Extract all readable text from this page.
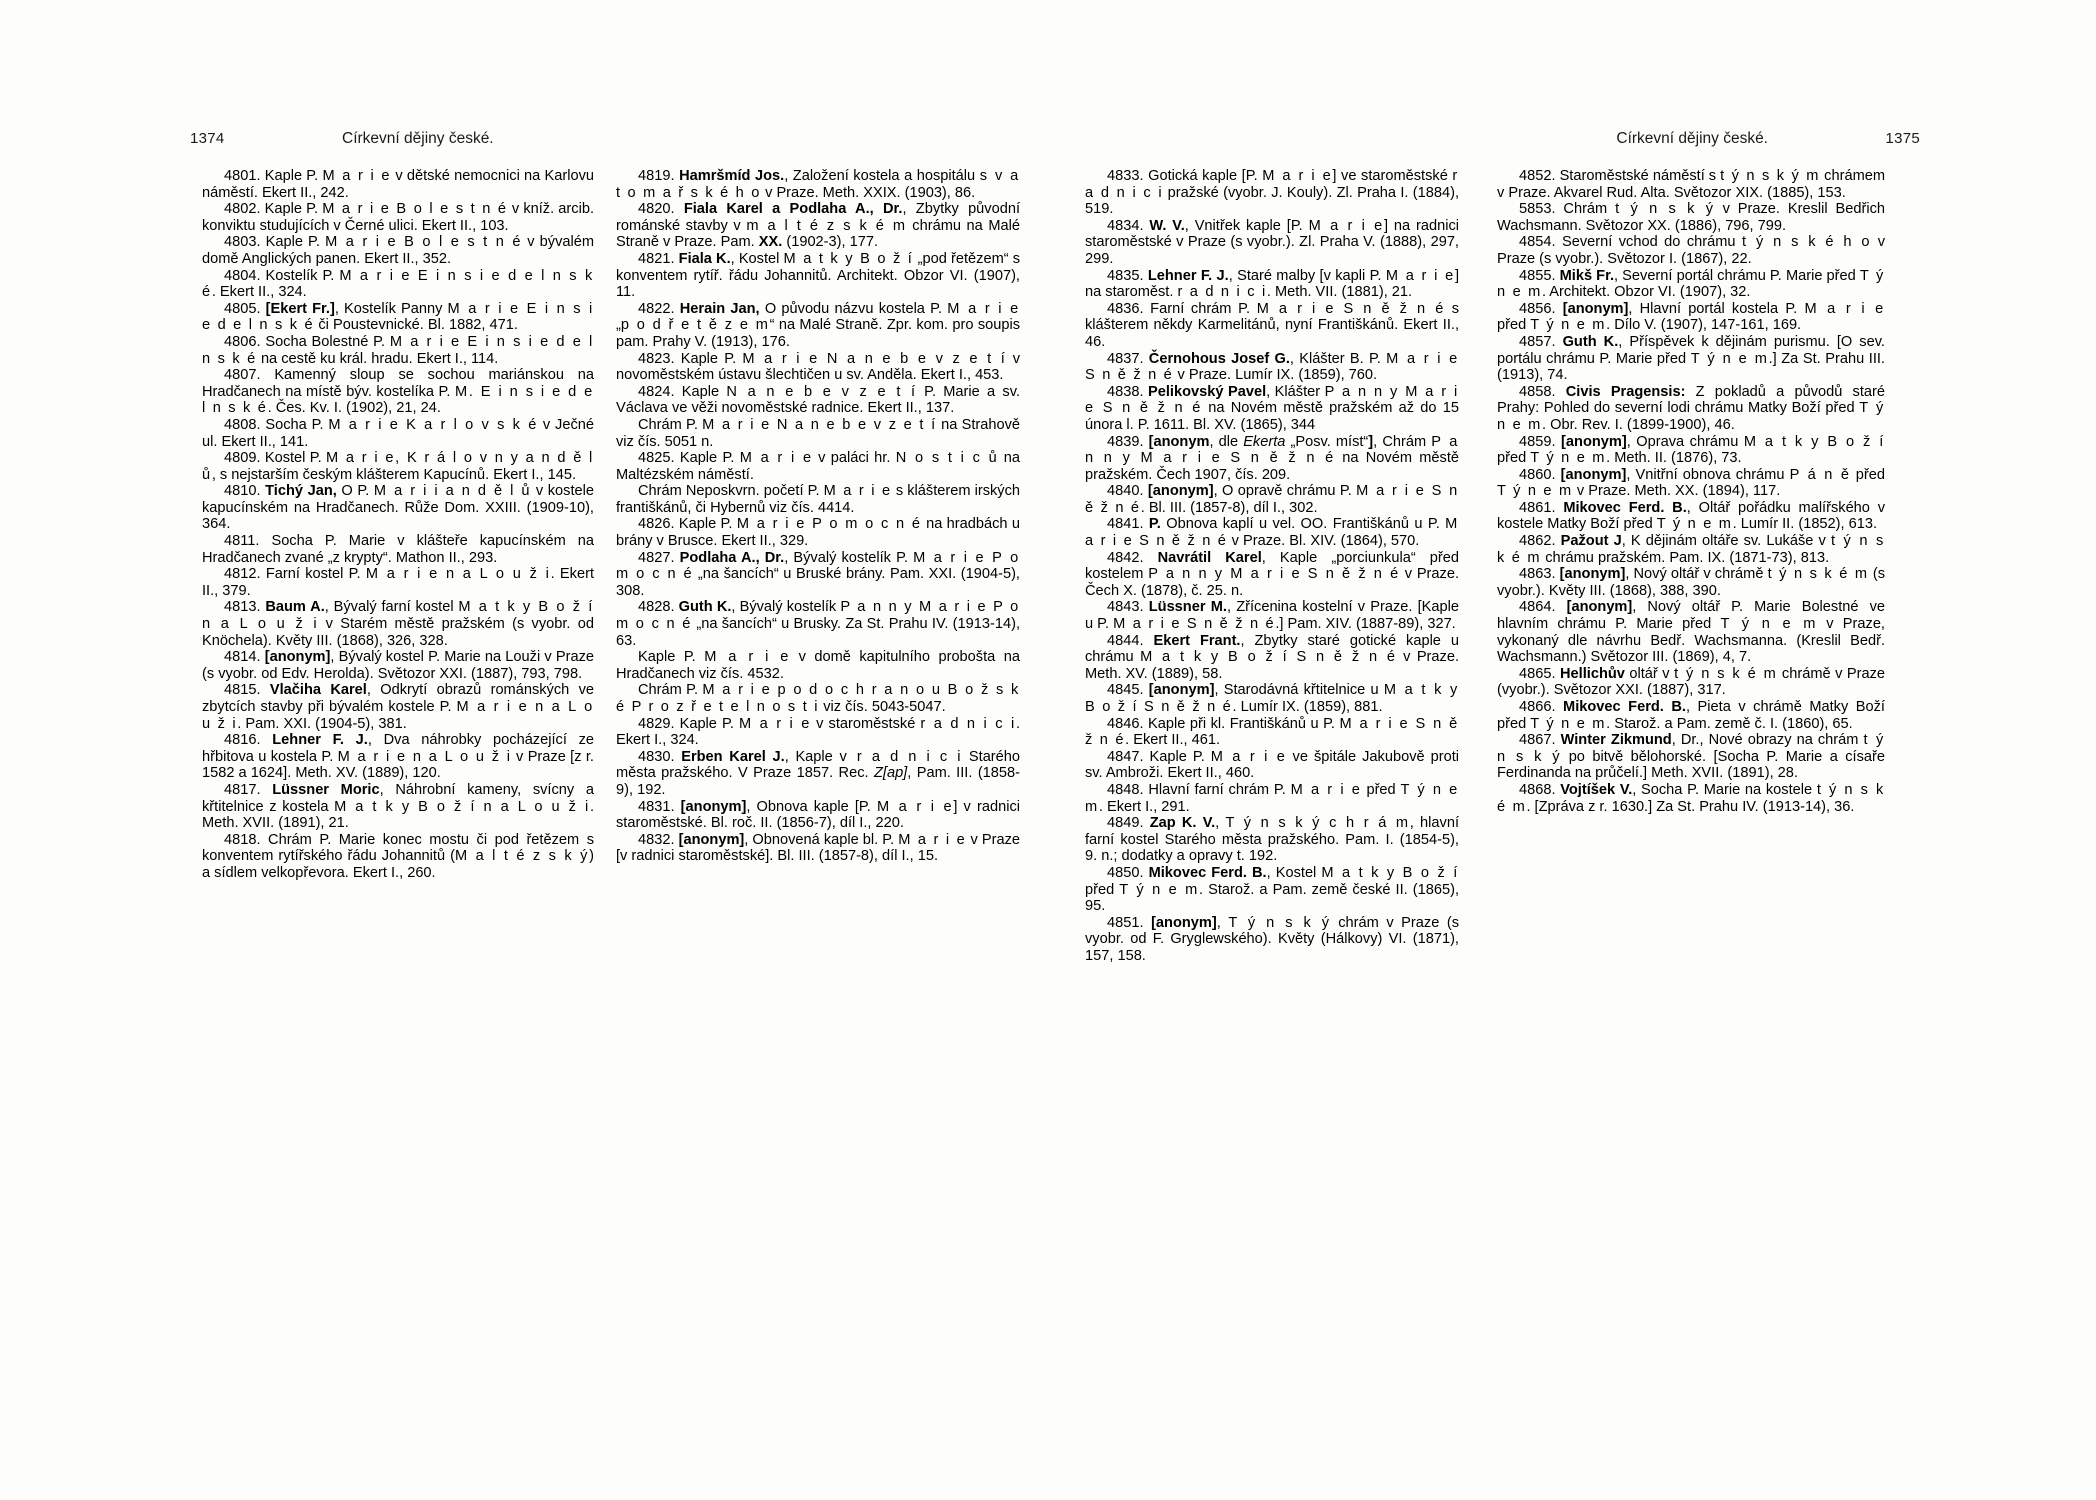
1374	Církevní dějiny české.

4801. Kaple P. M a r i e v dětské nemocnici na Karlovu náměstí. Ekert II., 242.

4802. Kaple P. M a r i e B o l e s t n é v kníž. arcib. konviktu studujících v Černé ulici. Ekert II., 103.

4803. Kaple P. M a r i e B o l e s t n é v bývalém domě Anglických panen. Ekert II., 352.

4804. Kostelík P. M a r i e E i n s i e d e l n s k é. Ekert II., 324.

4805. [Ekert Fr.], Kostelík Panny M a r i e E i n s i e d e l n s k é či Poustevnické. Bl. 1882, 471.

4806. Socha Bolestné P. M a r i e E i n s i e d e l n s k é na cestě ku král. hradu. Ekert I., 114.

4807. Kamenný sloup se sochou mariánskou na Hradčanech na místě býv. kostelíka P. M. E i n s i e d e l n s k é. Čes. Kv. I. (1902), 21, 24.

4808. Socha P. M a r i e K a r l o v s k é v Ječné ul. Ekert II., 141.

4809. Kostel P. M a r i e, K r á l o v n y a n d ě l ů, s nejstarším českým klášterem Kapucínů. Ekert I., 145.

4810. Tichý Jan, O P. M a r i i a n d ě l ů v kostele kapucínském na Hradčanech. Růže Dom. XXIII. (1909-10), 364.

4811. Socha P. Marie v klášteře kapucínském na Hradčanech zvané „z krypty“. Mathon II., 293.

4812. Farní kostel P. M a r i e n a L o u ž i. Ekert II., 379.

4813. Baum A., Bývalý farní kostel M a t k y B o ž í n a L o u ž i v Starém městě pražském (s vyobr. od Knöchela). Květy III. (1868), 326, 328.

4814. [anonym], Bývalý kostel P. Marie na Louži v Praze (s vyobr. od Edv. Heroldа). Světozor XXI. (1887), 793, 798.

4815. Vlačiha Karel, Odkrytí obrazů románských ve zbytcích stavby při bývalém kostele P. M a r i e n a L o u ž i. Pam. XXI. (1904-5), 381.

4816. Lehner F. J., Dva náhrobky pocházející ze hřbitova u kostela P. M a r i e n a L o u ž i v Praze [z r. 1582 a 1624]. Meth. XV. (1889), 120.

4817. Lüssner Moric, Náhrobní kameny, svícny a křtitelnice z kostela M a t k y B o ž í n a L o u ž i. Meth. XVII. (1891), 21.

4818. Chrám P. Marie konec mostu či pod řetězem s konventem rytířského řádu Johannitů (M a l t é z s k ý) a sídlem velkopřevora. Ekert I., 260.

4819. Hamršmíd Jos., Založení kostela a hospitálu s v a t o m a ř s k é h o v Praze. Meth. XXIX. (1903), 86.

4820. Fiala Karel a Podlaha A., Dr., Zbytky původní románské stavby v m a l t é z s k é m chrámu na Malé Straně v Praze. Pam. XX. (1902-3), 177.

4821. Fiala K., Kostel M a t k y B o ž í „pod řetězem“ s konventem rytíř. řádu Johannitů. Architekt. Obzor VI. (1907), 11.

4822. Herain Jan, O původu názvu kostela P. M a r i e „p o d ř e t ě z e m“ na Malé Straně. Zpr. kom. pro soupis pam. Prahy V. (1913), 176.

4823. Kaple P. M a r i e N a n e b e v z e t í v novoměstském ústavu šlechtičen u sv. Anděla. Ekert I., 453.

4824. Kaple N a n e b e v z e t í P. Marie a sv. Václava ve věži novoměstské radnice. Ekert II., 137.

Chrám P. M a r i e N a n e b e v z e t í na Strahově viz čís. 5051 n.

4825. Kaple P. M a r i e v paláci hr. N o s t i c ů na Maltézském náměstí.

Chrám Neposkvrn. početí P. M a r i e s klášterem irských františkánů, či Hybernů viz čís. 4414.

4826. Kaple P. M a r i e P o m o c n é na hradbách u brány v Brusce. Ekert II., 329.

4827. Podlaha A., Dr., Bývalý kostelík P. M a r i e P o m o c n é „na šancích“ u Bruské brány. Pam. XXI. (1904-5), 308.

4828. Guth K., Bývalý kostelík P a n n y M a r i e P o m o c n é „na šancích“ u Brusky. Za St. Prahu IV. (1913-14), 63.

Kaple P. M a r i e v domě kapitulního probošta na Hradčanech viz čís. 4532.

Chrám P. M a r i e p o d o c h r a n o u B o ž s k é P r o z ř e t e l n o s t i viz čís. 5043-5047.

4829. Kaple P. M a r i e v staroměstské r a d n i c i. Ekert I., 324.

4830. Erben Karel J., Kaple v r a d n i c i Starého města pražského. V Praze 1857. Rec. Z[ap], Pam. III. (1858-9), 192.

4831. [anonym], Obnova kaple [P. M a r i e] v radnici staroměstské. Bl. roč. II. (1856-7), díl I., 220.

4832. [anonym], Obnovená kaple bl. P. M a r i e v Praze [v radnici staroměstské]. Bl. III. (1857-8), díl I., 15.

1375
Církevní dějiny české.

4833. Gotická kaple [P. M a r i e] ve staroměstské r a d n i c i pražské (vyobr. J. Kouly). Zl. Praha I. (1884), 519.

4834. W. V., Vnitřek kaple [P. M a r i e] na radnici staroměstské v Praze (s vyobr.). Zl. Praha V. (1888), 297, 299.

4835. Lehner F. J., Staré malby [v kapli P. M a r i e] na staroměst. r a d n i c i. Meth. VII. (1881), 21.

4836. Farní chrám P. M a r i e S n ě ž n é s klášterem někdy Karmelitánů, nyní Františkánů. Ekert II., 46.

4837. Černohous Josef G., Klášter B. P. M a r i e S n ě ž n é v Praze. Lumír IX. (1859), 760.

4838. Pelikovský Pavel, Klášter P a n n y M a r i e S n ě ž n é na Novém městě pražském až do 15 února l. P. 1611. Bl. XV. (1865), 344

4839. [anonym, dle Ekerta „Posv. míst“], Chrám P a n n y M a r i e S n ě ž n é na Novém městě pražském. Čech 1907, čís. 209.

4840. [anonym], O opravě chrámu P. M a r i e S n ě ž n é. Bl. III. (1857-8), díl I., 302.

4841. P. Obnova kaplí u vel. OO. Františkánů u P. M a r i e S n ě ž n é v Praze. Bl. XIV. (1864), 570.

4842. Navrátil Karel, Kaple „porciunkula“ před kostelem P a n n y M a r i e S n ě ž n é v Praze. Čech X. (1878), č. 25. n.

4843. Lüssner M., Zřícenina kostelní v Praze. [Kaple u P. M a r i e S n ě ž n é.] Pam. XIV. (1887-89), 327.

4844. Ekert Frant., Zbytky staré gotické kaple u chrámu M a t k y B o ž í S n ě ž n é v Praze. Meth. XV. (1889), 58.

4845. [anonym], Starodávná křtitelnice u M a t k y B o ž í S n ě ž n é. Lumír IX. (1859), 881.

4846. Kaple při kl. Františkánů u P. M a r i e S n ě ž n é. Ekert II., 461.

4847. Kaple P. M a r i e ve špitále Jakubově proti sv. Ambroži. Ekert II., 460.

4848. Hlavní farní chrám P. M a r i e před T ý n e m. Ekert I., 291.

4849. Zap K. V., T ý n s k ý c h r á m, hlavní farní kostel Starého města pražského. Pam. I. (1854-5), 9. n.; dodatky a opravy t. 192.

4850. Mikovec Ferd. B., Kostel M a t k y B o ž í před T ý n e m. Starož. a Pam. země české II. (1865), 95.

4851. [anonym], T ý n s k ý chrám v Praze (s vyobr. od F. Gryglewského). Květy (Hálkovy) VI. (1871), 157, 158.

4852. Staroměstské náměstí s t ý n s k ý m chrámem v Praze. Akvarel Rud. Alta. Světozor XIX. (1885), 153.

5853. Chrám t ý n s k ý v Praze. Kreslil Bedřich Wachsmann. Světozor XX. (1886), 796, 799.

4854. Severní vchod do chrámu t ý n s k é h o v Praze (s vyobr.). Světozor I. (1867), 22.

4855. Mikš Fr., Severní portál chrámu P. Marie před T ý n e m. Architekt. Obzor VI. (1907), 32.

4856. [anonym], Hlavní portál kostela P. M a r i e před T ý n e m. Dílo V. (1907), 147-161, 169.

4857. Guth K., Příspěvek k dějinám purismu. [O sev. portálu chrámu P. Marie před T ý n e m.] Za St. Prahu III. (1913), 74.

4858. Civis Pragensis: Z pokladů a původů staré Prahy: Pohled do severní lodi chrámu Matky Boží před T ý n e m. Obr. Rev. I. (1899-1900), 46.

4859. [anonym], Oprava chrámu M a t k y B o ž í před T ý n e m. Meth. II. (1876), 73.

4860. [anonym], Vnitřní obnova chrámu P á n ě před T ý n e m v Praze. Meth. XX. (1894), 117.

4861. Mikovec Ferd. B., Oltář pořádku malířského v kostele Matky Boží před T ý n e m. Lumír II. (1852), 613.

4862. Pažout J, K dějinám oltáře sv. Lukáše v t ý n s k é m chrámu pražském. Pam. IX. (1871-73), 813.

4863. [anonym], Nový oltář v chrámě t ý n s k é m (s vyobr.). Květy III. (1868), 388, 390.

4864. [anonym], Nový oltář P. Marie Bolestné ve hlavním chrámu P. Marie před T ý n e m v Praze, vykonaný dle návrhu Bedř. Wachsmanna. (Kreslil Bedř. Wachsmann.) Světozor III. (1869), 4, 7.

4865. Hellichův oltář v t ý n s k é m chrámě v Praze (vyobr.). Světozor XXI. (1887), 317.

4866. Mikovec Ferd. B., Pieta v chrámě Matky Boží před T ý n e m. Starož. a Pam. země č. I. (1860), 65.

4867. Winter Zikmund, Dr., Nové obrazy na chrám t ý n s k ý po bitvě bělohorské. [Socha P. Marie a císaře Ferdinanda na průčelí.] Meth. XVII. (1891), 28.

4868. Vojtíšek V., Socha P. Marie na kostele t ý n s k é m. [Zpráva z r. 1630.] Za St. Prahu IV. (1913-14), 36.
